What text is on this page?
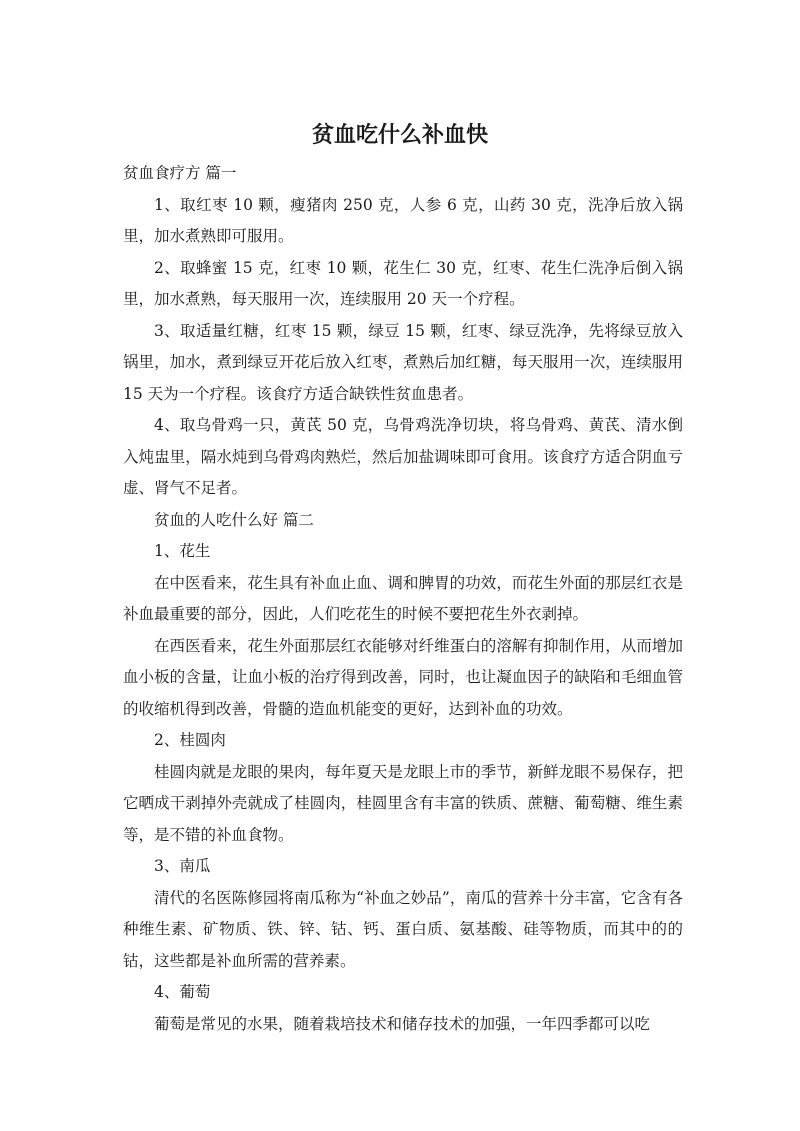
贫血吃什么补血快

贫血食疗方 篇一

1、取红枣 10 颗，瘦猪肉 250 克，人参 6 克，山药 30 克，洗净后放入锅里，加水煮熟即可服用。

2、取蜂蜜 15 克，红枣 10 颗，花生仁 30 克，红枣、花生仁洗净后倒入锅里，加水煮熟，每天服用一次，连续服用 20 天一个疗程。

3、取适量红糖，红枣 15 颗，绿豆 15 颗，红枣、绿豆洗净，先将绿豆放入锅里，加水，煮到绿豆开花后放入红枣，煮熟后加红糖，每天服用一次，连续服用 15 天为一个疗程。该食疗方适合缺铁性贫血患者。

4、取乌骨鸡一只，黄芪 50 克，乌骨鸡洗净切块，将乌骨鸡、黄芪、清水倒入炖盅里，隔水炖到乌骨鸡肉熟烂，然后加盐调味即可食用。该食疗方适合阴血亏虚、肾气不足者。

贫血的人吃什么好 篇二

1、花生

在中医看来，花生具有补血止血、调和脾胃的功效，而花生外面的那层红衣是补血最重要的部分，因此，人们吃花生的时候不要把花生外衣剥掉。

在西医看来，花生外面那层红衣能够对纤维蛋白的溶解有抑制作用，从而增加血小板的含量，让血小板的治疗得到改善，同时，也让凝血因子的缺陷和毛细血管的收缩机得到改善，骨髓的造血机能变的更好，达到补血的功效。

2、桂圆肉

桂圆肉就是龙眼的果肉，每年夏天是龙眼上市的季节，新鲜龙眼不易保存，把它晒成干剥掉外壳就成了桂圆肉，桂圆里含有丰富的铁质、蔗糖、葡萄糖、维生素等，是不错的补血食物。

3、南瓜

清代的名医陈修园将南瓜称为“补血之妙品”，南瓜的营养十分丰富，它含有各种维生素、矿物质、铁、锌、钴、钙、蛋白质、氨基酸、硅等物质，而其中的的钴，这些都是补血所需的营养素。

4、葡萄

葡萄是常见的水果，随着栽培技术和储存技术的加强，一年四季都可以吃
